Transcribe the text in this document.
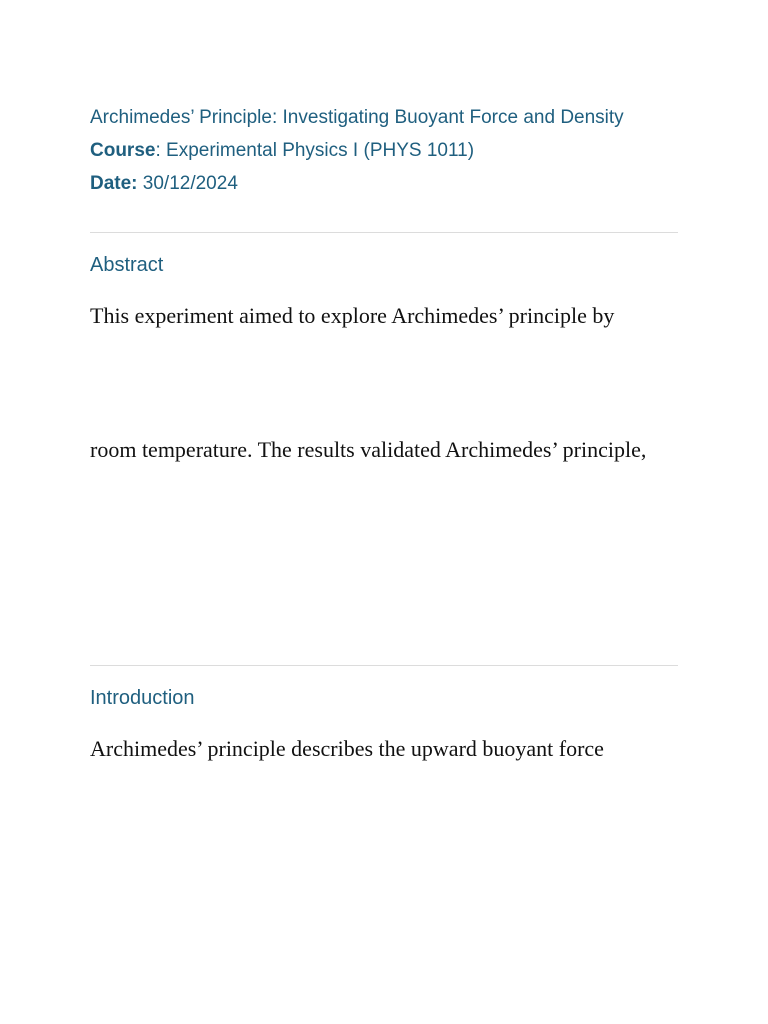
Archimedes’ Principle: Investigating Buoyant Force and Density
Course: Experimental Physics I (PHYS 1011)
Date: 30/12/2024
Abstract
This experiment aimed to explore Archimedes’ principle by
room temperature. The results validated Archimedes’ principle,
Introduction
Archimedes’ principle describes the upward buoyant force
